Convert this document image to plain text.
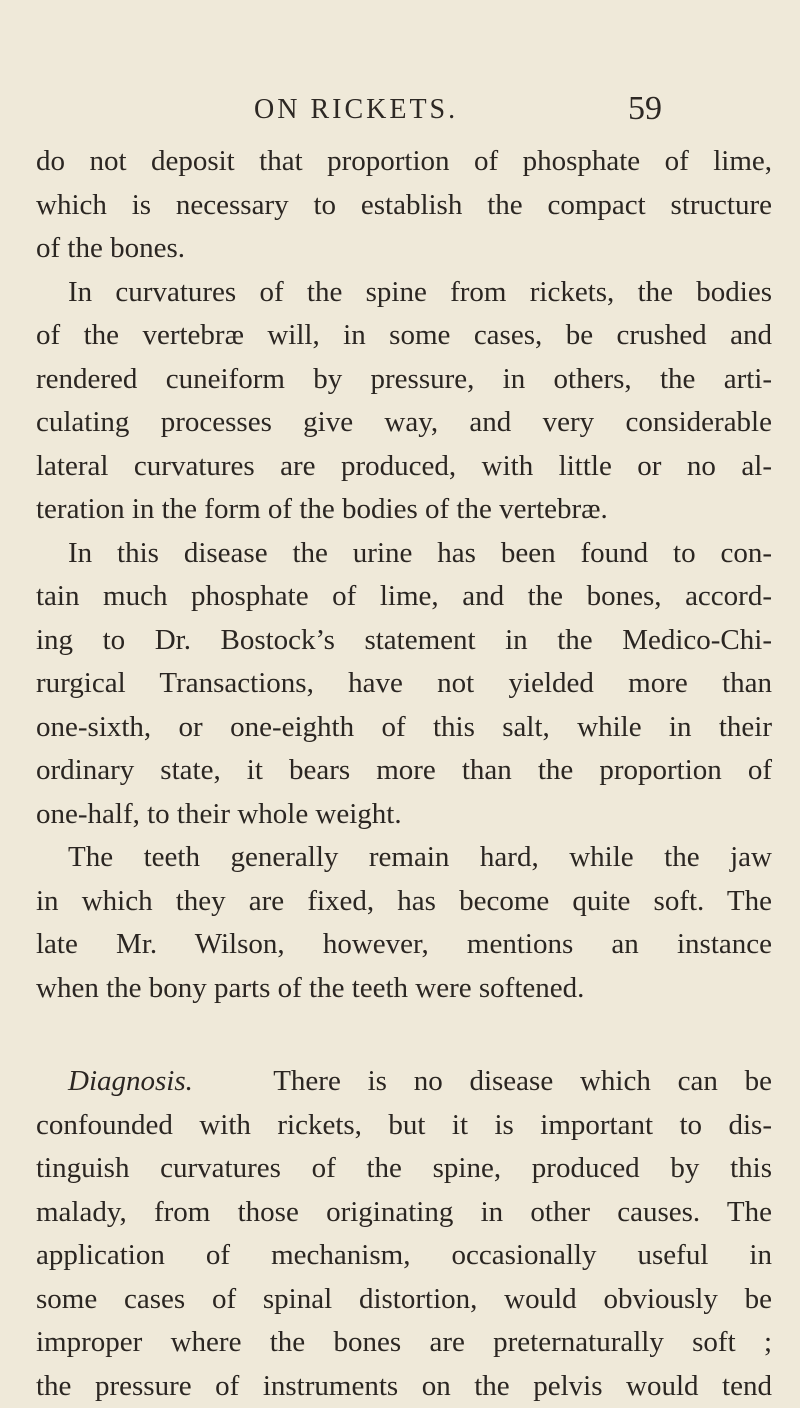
ON RICKETS.	59
do not deposit that proportion of phosphate of lime,
which is necessary to establish the compact structure
of the bones.
In curvatures of the spine from rickets, the bodies
of the vertebræ will, in some cases, be crushed and
rendered cuneiform by pressure, in others, the arti-
culating processes give way, and very considerable
lateral curvatures are produced, with little or no al-
teration in the form of the bodies of the vertebræ.
In this disease the urine has been found to con-
tain much phosphate of lime, and the bones, accord-
ing to Dr. Bostock’s statement in the Medico-Chi-
rurgical Transactions, have not yielded more than
one-sixth, or one-eighth of this salt, while in their
ordinary state, it bears more than the proportion of
one-half, to their whole weight.
The teeth generally remain hard, while the jaw
in which they are fixed, has become quite soft. The
late Mr. Wilson, however, mentions an instance
when the bony parts of the teeth were softened.
Diagnosis.	There is no disease which can be
confounded with rickets, but it is important to dis-
tinguish curvatures of the spine, produced by this
malady, from those originating in other causes. The
application of mechanism, occasionally useful in
some cases of spinal distortion, would obviously be
improper where the bones are preternaturally soft ;
the pressure of instruments on the pelvis would tend
